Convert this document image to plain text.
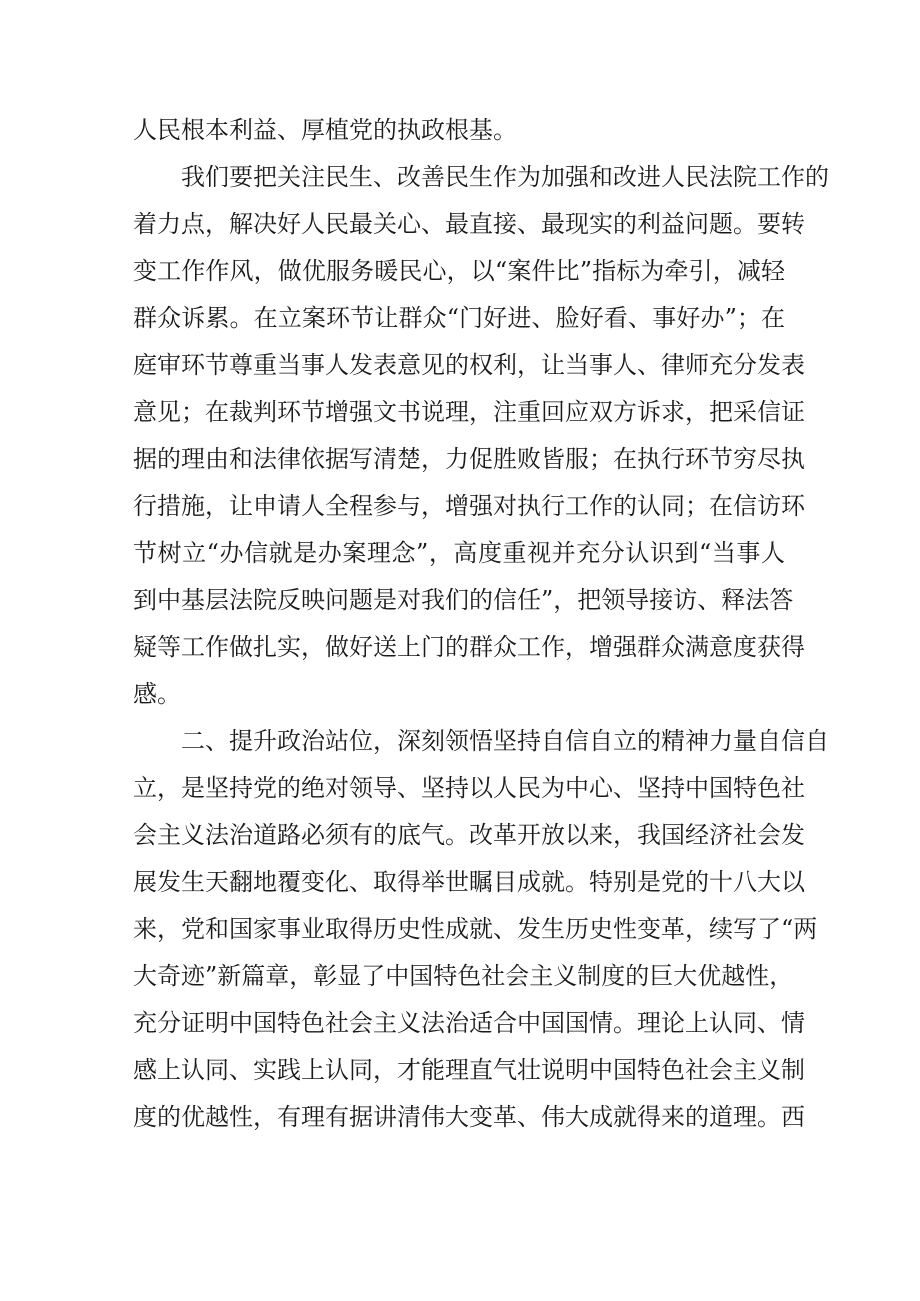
人民根本利益、厚植党的执政根基。
我们要把关注民生、改善民生作为加强和改进人民法院工作的
着力点，解决好人民最关心、最直接、最现实的利益问题。要转
变工作作风，做优服务暖民心，以“案件比”指标为牵引，减轻
群众诉累。在立案环节让群众“门好进、脸好看、事好办”；在
庭审环节尊重当事人发表意见的权利，让当事人、律师充分发表
意见；在裁判环节增强文书说理，注重回应双方诉求，把采信证
据的理由和法律依据写清楚，力促胜败皆服；在执行环节穷尽执
行措施，让申请人全程参与，增强对执行工作的认同；在信访环
节树立“办信就是办案理念”，高度重视并充分认识到“当事人
到中基层法院反映问题是对我们的信任”，把领导接访、释法答
疑等工作做扎实，做好送上门的群众工作，增强群众满意度获得
感。
二、提升政治站位，深刻领悟坚持自信自立的精神力量自信自
立，是坚持党的绝对领导、坚持以人民为中心、坚持中国特色社
会主义法治道路必须有的底气。改革开放以来，我国经济社会发
展发生天翻地覆变化、取得举世瞩目成就。特别是党的十八大以
来，党和国家事业取得历史性成就、发生历史性变革，续写了“两
大奇迹”新篇章，彰显了中国特色社会主义制度的巨大优越性，
充分证明中国特色社会主义法治适合中国国情。理论上认同、情
感上认同、实践上认同，才能理直气壮说明中国特色社会主义制
度的优越性，有理有据讲清伟大变革、伟大成就得来的道理。西
